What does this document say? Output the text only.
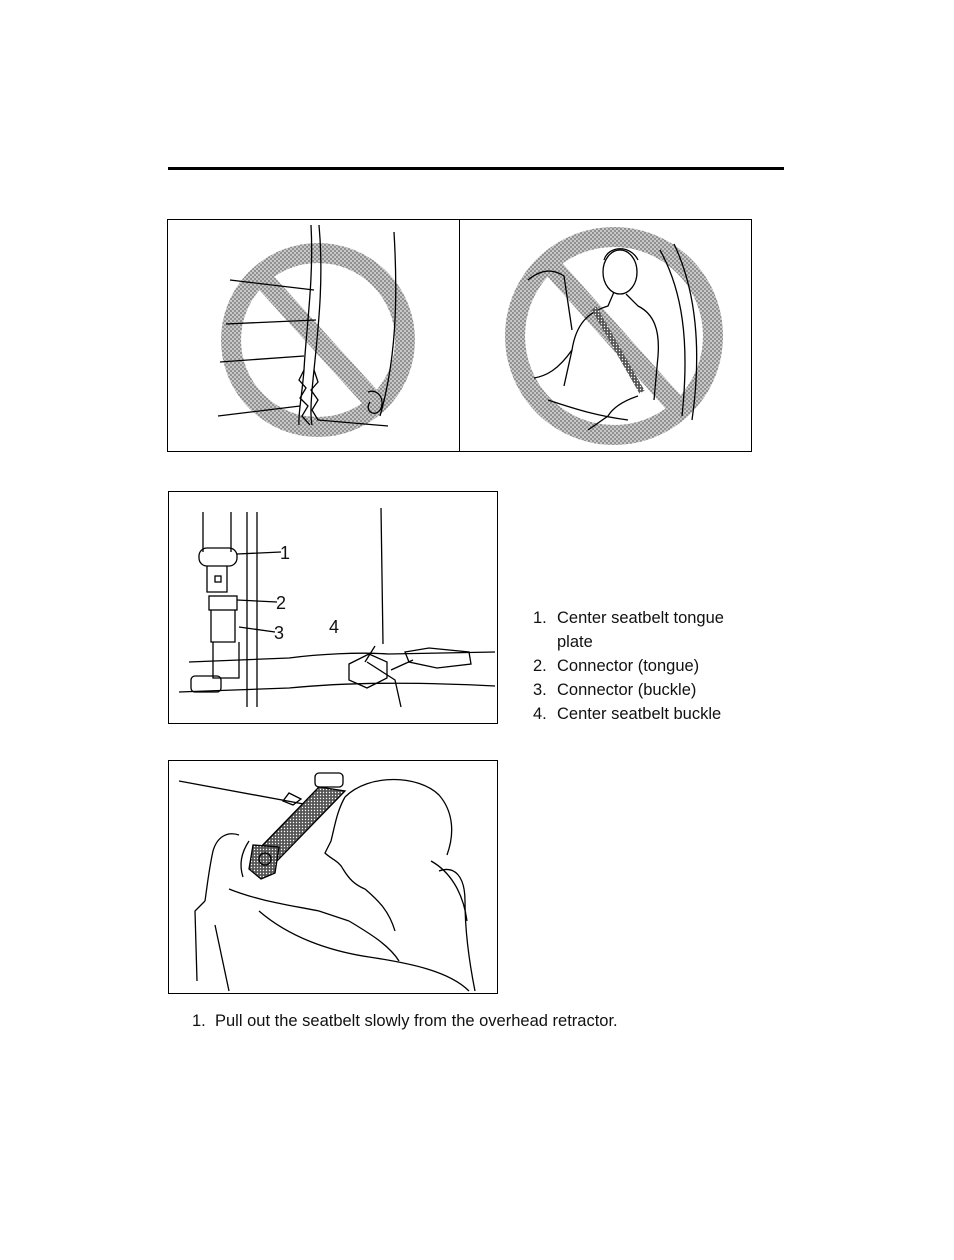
1
2
3 4	1. Center seatbelt tongue plate
2. Connector (tongue)
3. Connector (buckle)
4. Center seatbelt buckle
1. Pull out the seatbelt slowly from the overhead retractor.
